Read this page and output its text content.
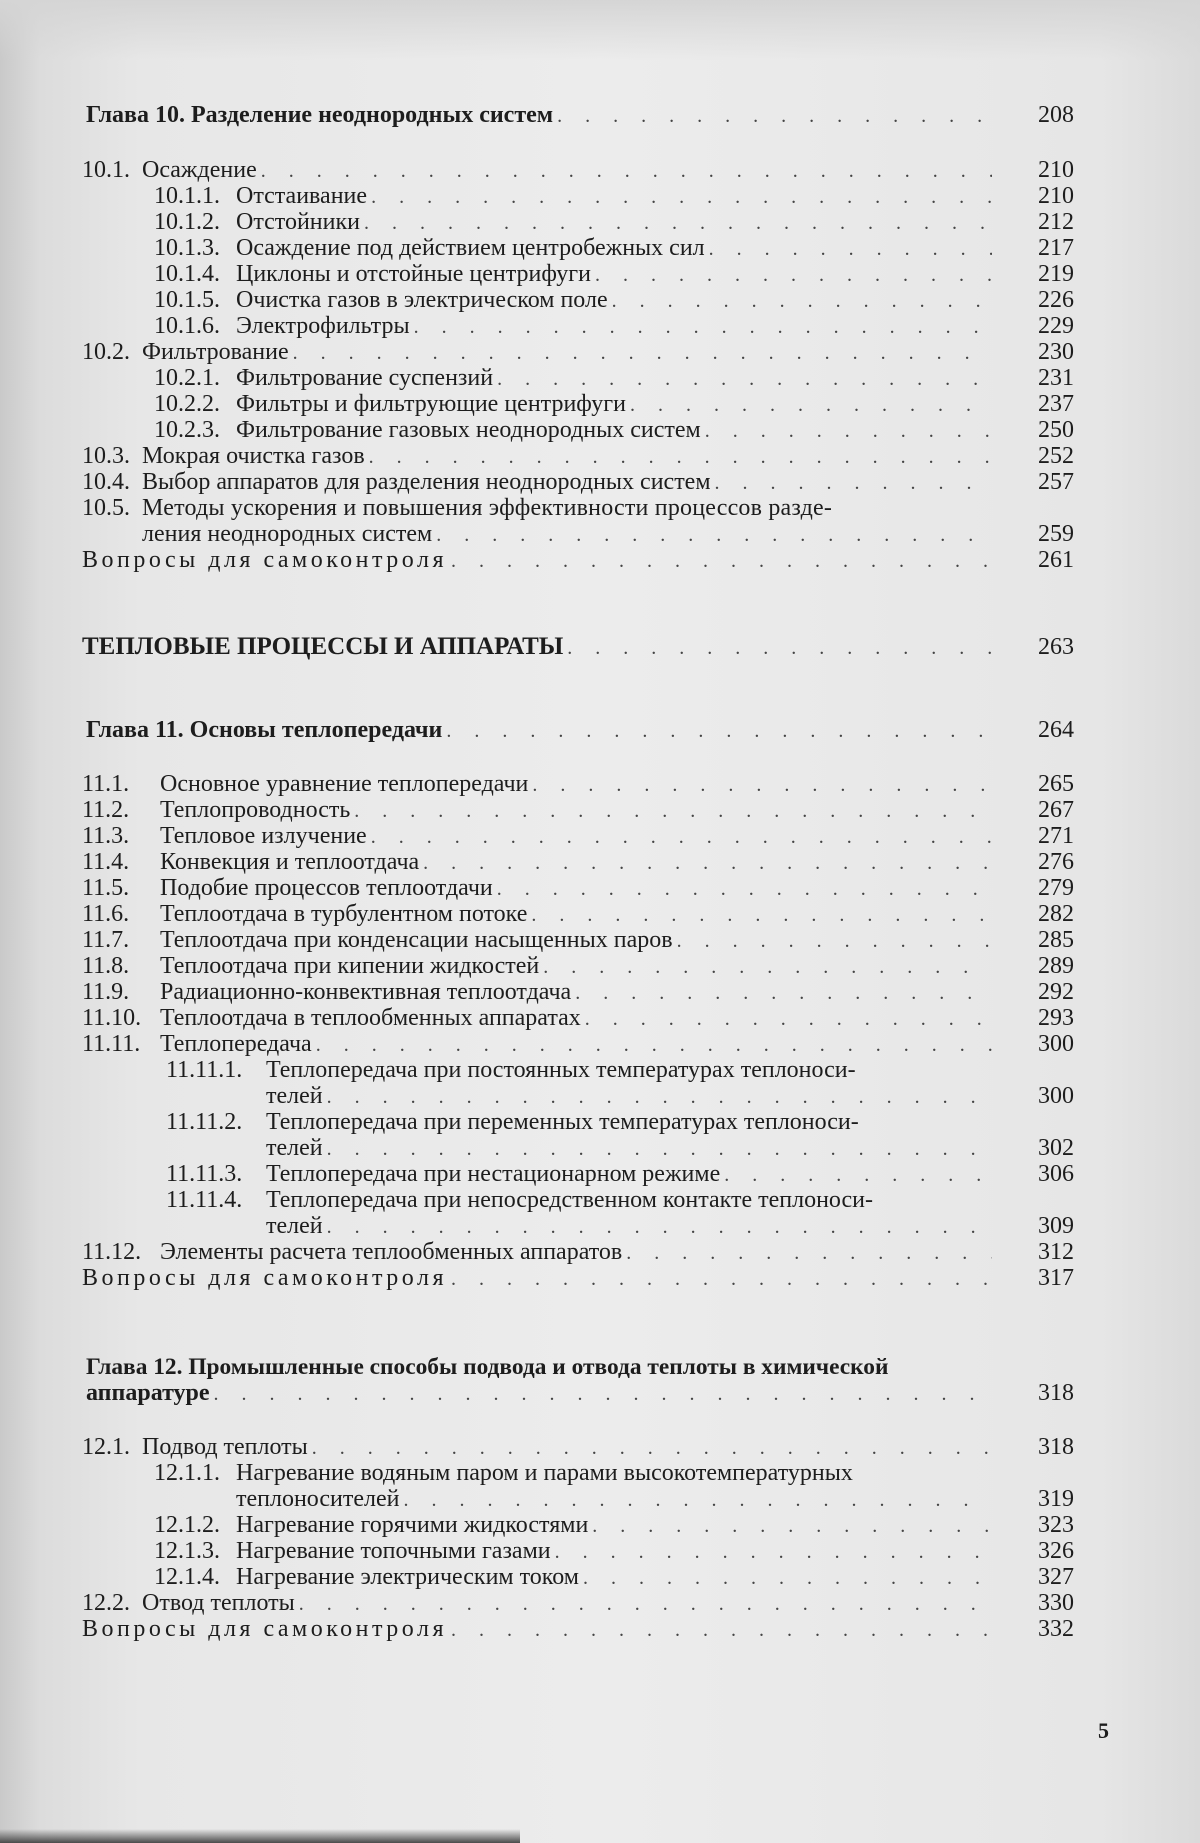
Глава 10. Разделение неоднородных систем . . .	208
10.1. Осаждение . . .	210
10.1.1. Отстаивание . . .	210
10.1.2. Отстойники . . .	212
10.1.3. Осаждение под действием центробежных сил . . .	217
10.1.4. Циклоны и отстойные центрифуги . . .	219
10.1.5. Очистка газов в электрическом поле . . .	226
10.1.6. Электрофильтры . . .	229
10.2. Фильтрование . . .	230
10.2.1. Фильтрование суспензий . . .	231
10.2.2. Фильтры и фильтрующие центрифуги . . .	237
10.2.3. Фильтрование газовых неоднородных систем . . .	250
10.3. Мокрая очистка газов . . .	252
10.4. Выбор аппаратов для разделения неоднородных систем . . .	257
10.5. Методы ускорения и повышения эффективности процессов разде-
ления неоднородных систем . . .	259
Вопросы для самоконтроля . . .	261
ТЕПЛОВЫЕ ПРОЦЕССЫ И АППАРАТЫ . . .	263
Глава 11. Основы теплопередачи . . .	264
11.1.	Основное уравнение теплопередачи . . .	265
11.2.	Теплопроводность . . .	267
11.3.	Тепловое излучение . . .	271
11.4.	Конвекция и теплоотдача . . .	276
11.5.	Подобие процессов теплоотдачи . . .	279
11.6.	Теплоотдача в турбулентном потоке . . .	282
11.7.	Теплоотдача при конденсации насыщенных паров . . .	285
11.8.	Теплоотдача при кипении жидкостей . . .	289
11.9.	Радиационно-конвективная теплоотдача . . .	292
11.10. Теплоотдача в теплообменных аппаратах . . .	293
11.11. Теплопередача . . .	300
11.11.1. Теплопередача при постоянных температурах теплоноси-
телей . . .	300
11.11.2. Теплопередача при переменных температурах теплоноси-
телей . . .	302
11.11.3. Теплопередача при нестационарном режиме . . .	306
11.11.4. Теплопередача при непосредственном контакте теплоноси-
телей . . .	309
11.12. Элементы расчета теплообменных аппаратов . . .	312
Вопросы для самоконтроля . . .	317
Глава 12. Промышленные способы подвода и отвода теплоты в химической
аппаратуре . . .	318
12.1. Подвод теплоты . . .	318
12.1.1. Нагревание водяным паром и парами высокотемпературных
теплоносителей . . .	319
12.1.2. Нагревание горячими жидкостями . . .	323
12.1.3. Нагревание топочными газами . . .	326
12.1.4. Нагревание электрическим током . . .	327
12.2. Отвод теплоты . . .	330
Вопросы для самоконтроля . . .	332
5
